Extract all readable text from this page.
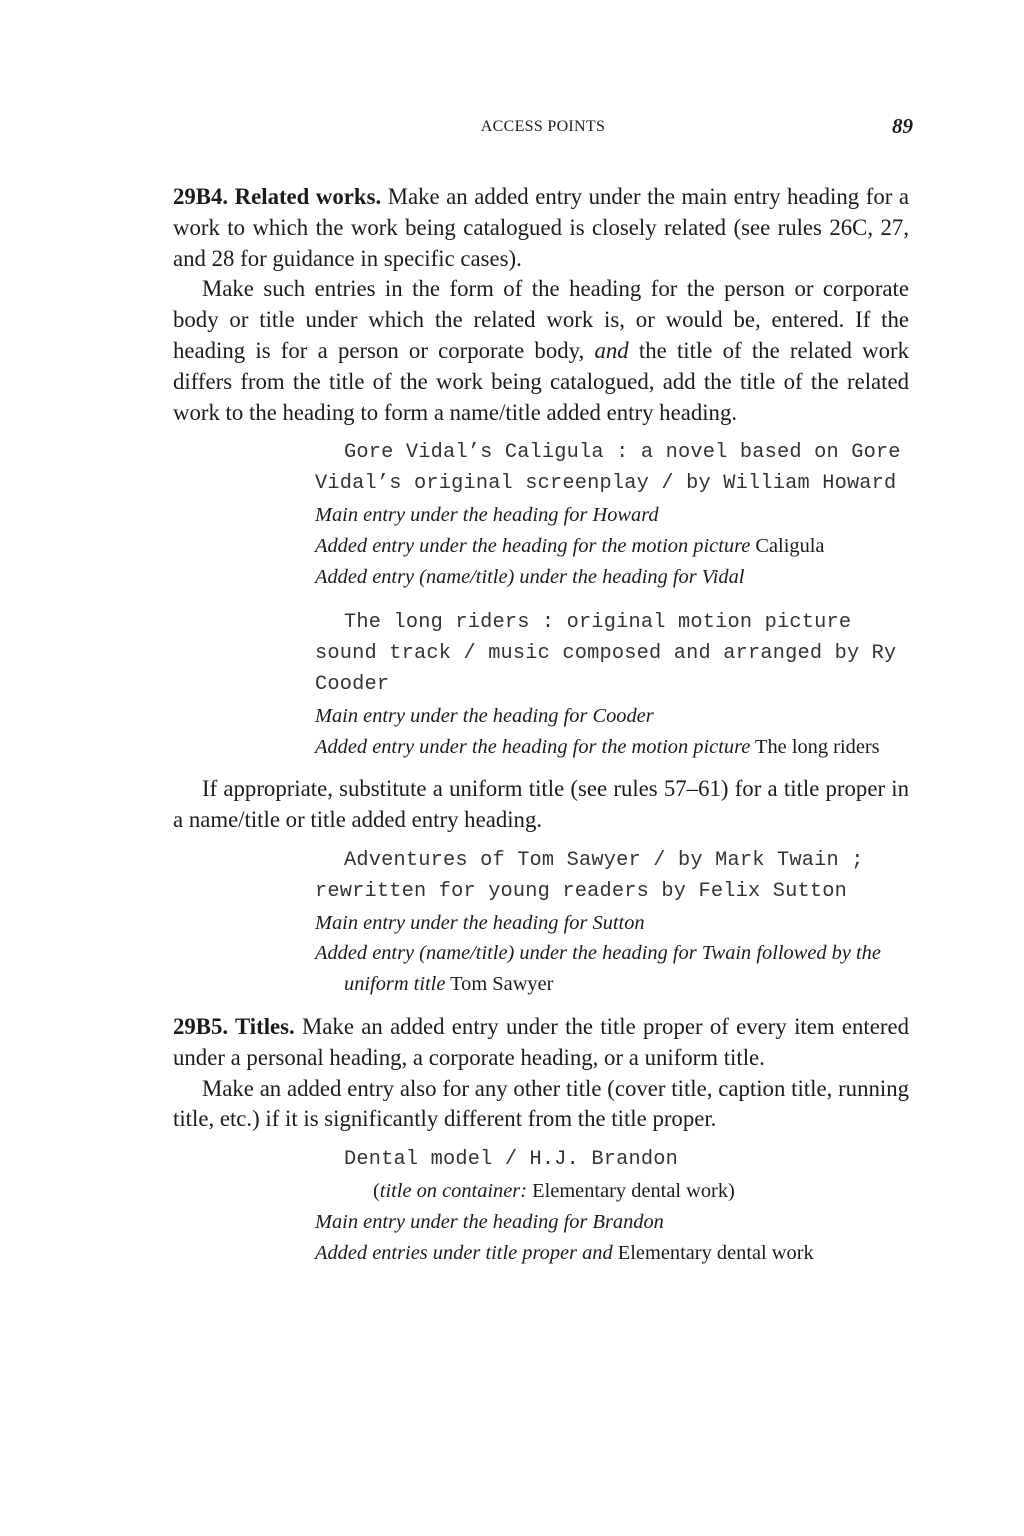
ACCESS POINTS	89

29B4. Related works. Make an added entry under the main entry heading for a work to which the work being catalogued is closely related (see rules 26C, 27, and 28 for guidance in specific cases).

Make such entries in the form of the heading for the person or corporate body or title under which the related work is, or would be, entered. If the heading is for a person or corporate body, and the title of the related work differs from the title of the work being catalogued, add the title of the related work to the heading to form a name/title added entry heading.

Gore Vidal’s Caligula : a novel based on Gore Vidal’s original screenplay / by William Howard
Main entry under the heading for Howard
Added entry under the heading for the motion picture Caligula
Added entry (name/title) under the heading for Vidal
The long riders : original motion picture sound track / music composed and arranged by Ry Cooder
Main entry under the heading for Cooder
Added entry under the heading for the motion picture The long riders

If appropriate, substitute a uniform title (see rules 57–61) for a title proper in a name/title or title added entry heading.

Adventures of Tom Sawyer / by Mark Twain ; rewritten for young readers by Felix Sutton
Main entry under the heading for Sutton
Added entry (name/title) under the heading for Twain followed by the uniform title Tom Sawyer

29B5. Titles. Make an added entry under the title proper of every item entered under a personal heading, a corporate heading, or a uniform title.

Make an added entry also for any other title (cover title, caption title, running title, etc.) if it is significantly different from the title proper.

Dental model / H.J. Brandon
(title on container: Elementary dental work)
Main entry under the heading for Brandon
Added entries under title proper and Elementary dental work
